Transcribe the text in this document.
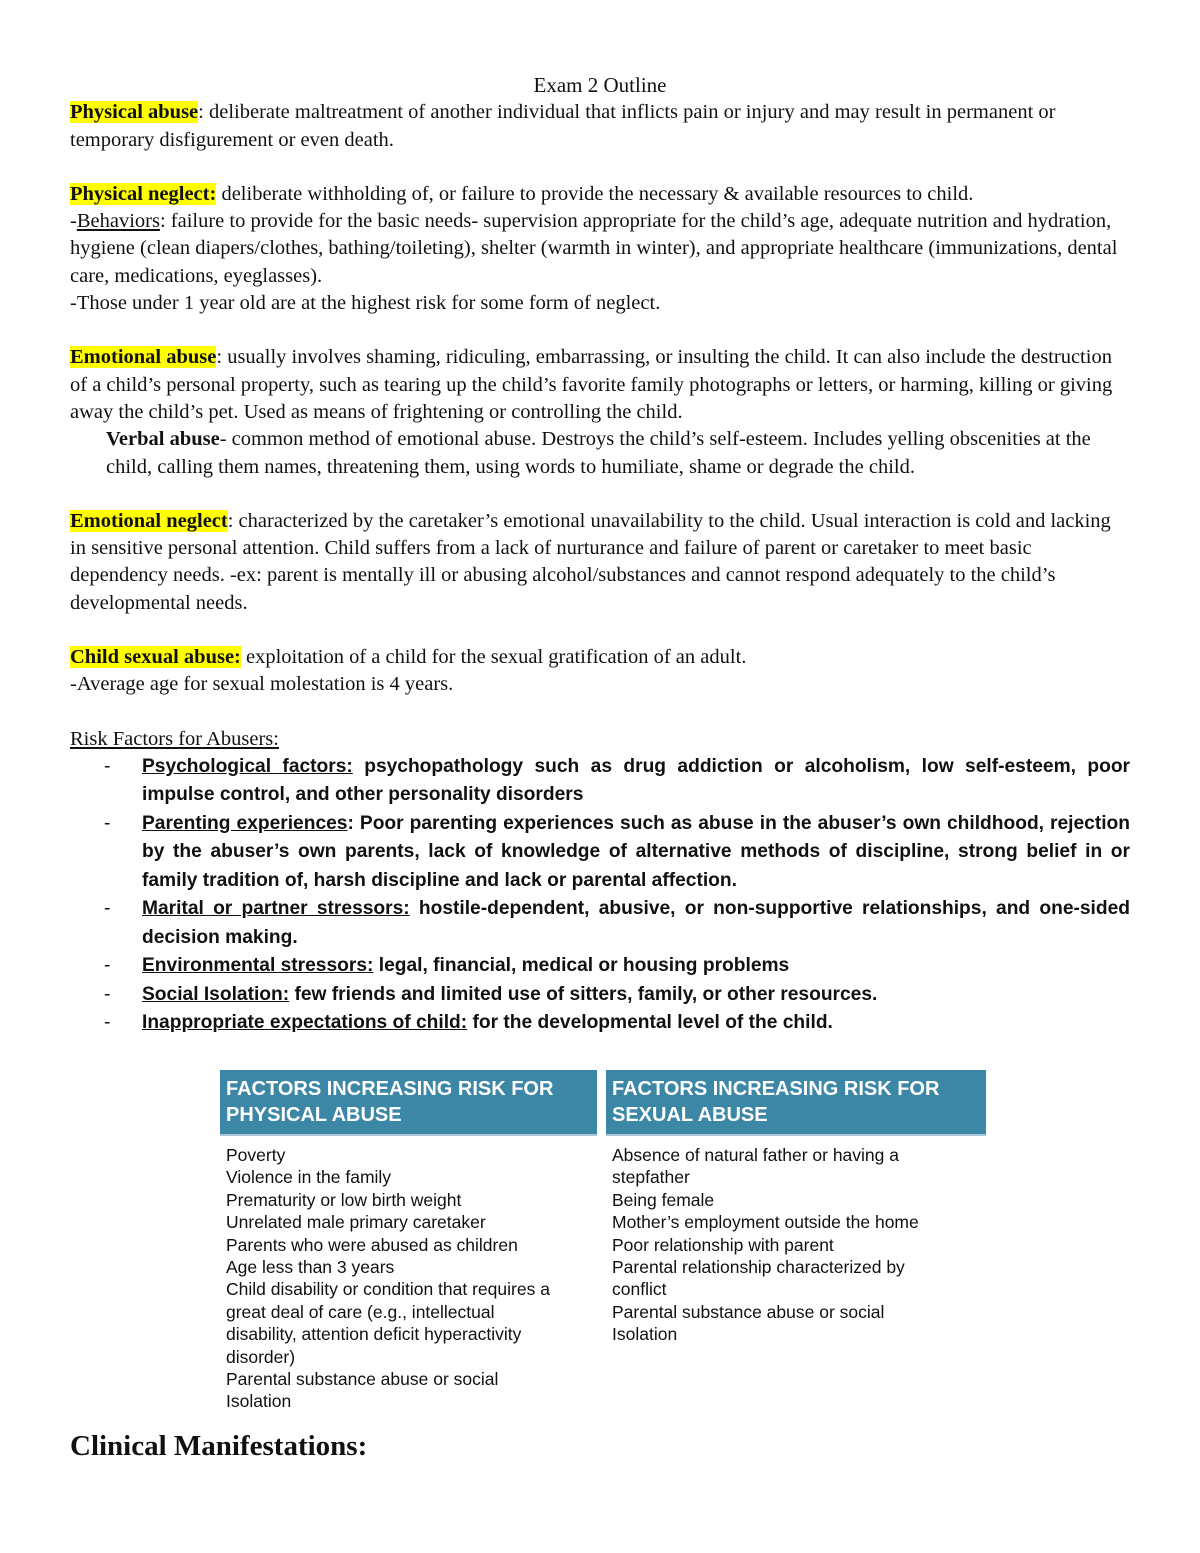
Exam 2 Outline

Physical abuse: deliberate maltreatment of another individual that inflicts pain or injury and may result in permanent or temporary disfigurement or even death.

Physical neglect: deliberate withholding of, or failure to provide the necessary & available resources to child.

-Behaviors: failure to provide for the basic needs- supervision appropriate for the child’s age, adequate nutrition and hydration, hygiene (clean diapers/clothes, bathing/toileting), shelter (warmth in winter), and appropriate healthcare (immunizations, dental care, medications, eyeglasses).

-Those under 1 year old are at the highest risk for some form of neglect.

Emotional abuse: usually involves shaming, ridiculing, embarrassing, or insulting the child. It can also include the destruction of a child’s personal property, such as tearing up the child’s favorite family photographs or letters, or harming, killing or giving away the child’s pet. Used as means of frightening or controlling the child.

Verbal abuse- common method of emotional abuse. Destroys the child’s self-esteem. Includes yelling obscenities at the child, calling them names, threatening them, using words to humiliate, shame or degrade the child.

Emotional neglect: characterized by the caretaker’s emotional unavailability to the child. Usual interaction is cold and lacking in sensitive personal attention. Child suffers from a lack of nurturance and failure of parent or caretaker to meet basic dependency needs. -ex: parent is mentally ill or abusing alcohol/substances and cannot respond adequately to the child’s developmental needs.

Child sexual abuse: exploitation of a child for the sexual gratification of an adult.

-Average age for sexual molestation is 4 years.

Risk Factors for Abusers:

- Psychological factors: psychopathology such as drug addiction or alcoholism, low self-esteem, poor impulse control, and other personality disorders
- Parenting experiences: Poor parenting experiences such as abuse in the abuser’s own childhood, rejection by the abuser’s own parents, lack of knowledge of alternative methods of discipline, strong belief in or family tradition of, harsh discipline and lack or parental affection.
- Marital or partner stressors: hostile-dependent, abusive, or non-supportive relationships, and one-sided decision making.
- Environmental stressors: legal, financial, medical or housing problems
- Social Isolation: few friends and limited use of sitters, family, or other resources.
- Inappropriate expectations of child: for the developmental level of the child.
FACTORS INCREASING RISK FOR
PHYSICAL ABUSE
Poverty
Violence in the family
Prematurity or low birth weight
Unrelated male primary caretaker
Parents who were abused as children
Age less than 3 years
Child disability or condition that requires a
great deal of care (e.g., intellectual
disability, attention deficit hyperactivity
disorder)
Parental substance abuse or social
Isolation
FACTORS INCREASING RISK FOR
SEXUAL ABUSE
Absence of natural father or having a
stepfather
Being female
Mother’s employment outside the home
Poor relationship with parent
Parental relationship characterized by
conflict
Parental substance abuse or social
Isolation
Clinical Manifestations:
